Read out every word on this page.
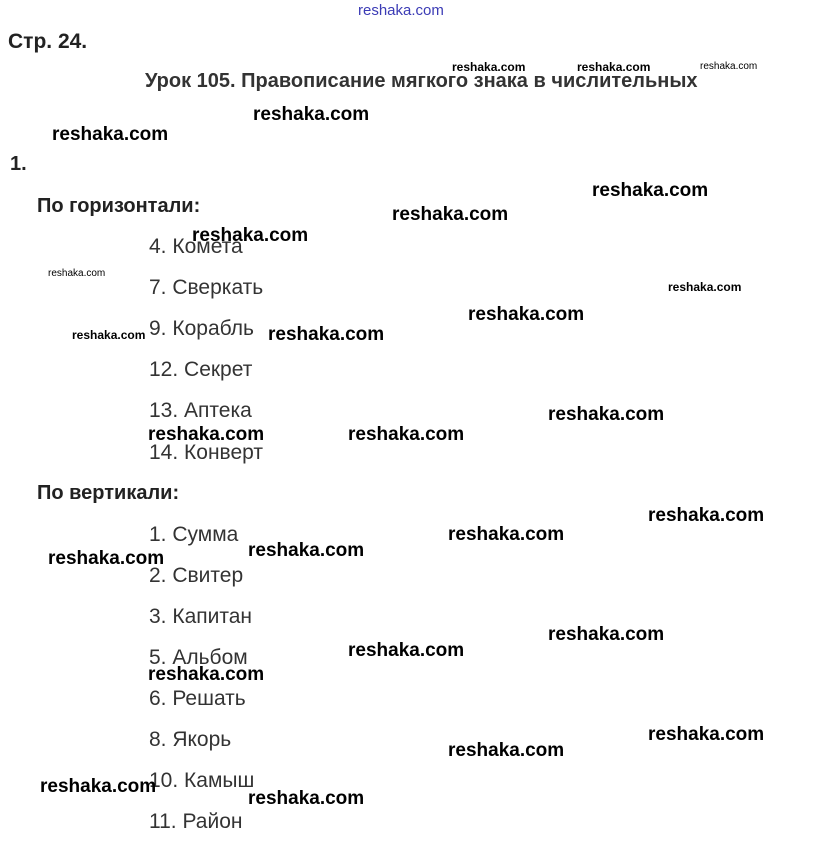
Стр. 24.
Урок 105. Правописание мягкого знака в числительных
1.
По горизонтали:
4. Комета
7. Сверкать
9. Корабль
12. Секрет
13. Аптека
14. Конверт
По вертикали:
1. Сумма
2. Свитер
3. Капитан
5. Альбом
6. Решать
8. Якорь
10. Камыш
11. Район
reshaka.com
reshaka.com	reshaka.com	reshaka.com
reshaka.com
reshaka.com
reshaka.com
reshaka.com
reshaka.com
reshaka.com
reshaka.com
reshaka.com
reshaka.com	reshaka.com
reshaka.com
reshaka.com	reshaka.com
reshaka.com
reshaka.com
reshaka.com
reshaka.com
reshaka.com
reshaka.com
reshaka.com
reshaka.com
reshaka.com
reshaka.com
reshaka.com
